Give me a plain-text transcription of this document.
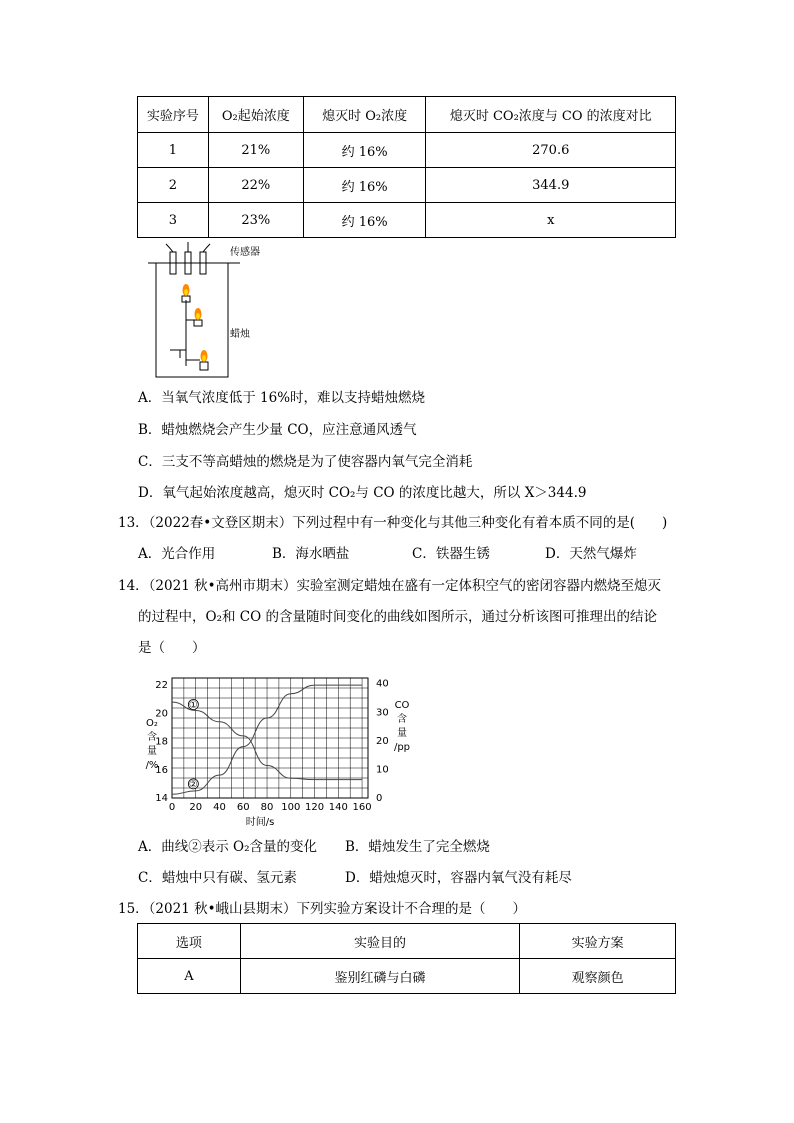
实验序号	O₂起始浓度	熄灭时 O₂浓度	熄灭时 CO₂浓度与 CO 的浓度对比
1	21%	约 16%	270.6
2	22%	约 16%	344.9
3	23%	约 16%	x
传感器
蜡烛
A．当氧气浓度低于 16%时，难以支持蜡烛燃烧
B．蜡烛燃烧会产生少量 CO，应注意通风透气
C．三支不等高蜡烛的燃烧是为了使容器内氧气完全消耗
D．氧气起始浓度越高，熄灭时 CO₂与 CO 的浓度比越大，所以 X＞344.9
13．（2022春•文登区期末）下列过程中有一种变化与其他三种变化有着本质不同的是(　　)
A．光合作用	B．海水晒盐	C．铁器生锈	D．天然气爆炸
14．（2021 秋•高州市期末）实验室测定蜡烛在盛有一定体积空气的密闭容器内燃烧至熄灭
的过程中，O₂和 CO 的含量随时间变化的曲线如图所示，通过分析该图可推理出的结论
是（　　）
0 20 40 60 80 100 120 140 160
14
16
18
20
22
0
10
20
30
40
O₂
含
量
/%
CO
含
量
/pp
时间/s
①
②
A．曲线②表示 O₂含量的变化 B．蜡烛发生了完全燃烧
C．蜡烛中只有碳、氢元素	D．蜡烛熄灭时，容器内氧气没有耗尽
15．（2021 秋•峨山县期末）下列实验方案设计不合理的是（　　）
选项	实验目的	实验方案
A	鉴别红磷与白磷	观察颜色
